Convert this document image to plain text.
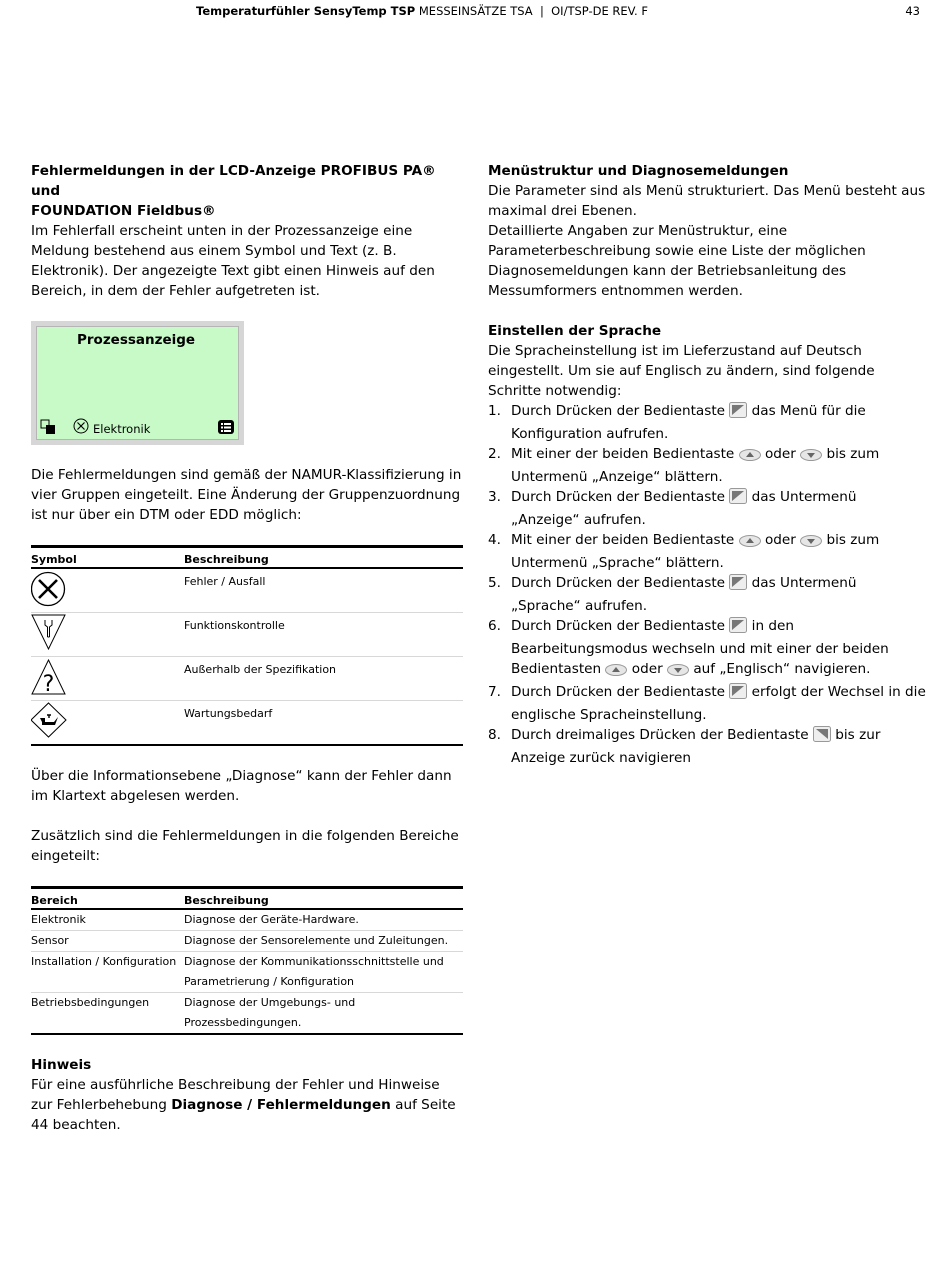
Temperaturfühler SensyTemp TSP MESSEINSÄTZE TSA  |  OI/TSP-DE REV. F	43

Fehlermeldungen in der LCD-Anzeige PROFIBUS PA® und
FOUNDATION Fieldbus®

Im Fehlerfall erscheint unten in der Prozessanzeige eine Meldung bestehend aus einem Symbol und Text (z. B. Elektronik). Der angezeigte Text gibt einen Hinweis auf den Bereich, in dem der Fehler aufgetreten ist.

Prozessanzeige
Elektronik

Die Fehlermeldungen sind gemäß der NAMUR-Klassifizierung in vier Gruppen eingeteilt. Eine Änderung der Gruppenzuordnung ist nur über ein DTM oder EDD möglich:

Symbol	Beschreibung
	Fehler / Ausfall
	Funktionskontrolle

?	Außerhalb der Spezifikation
	Wartungsbedarf

Über die Informationsebene „Diagnose“ kann der Fehler dann im Klartext abgelesen werden.

Zusätzlich sind die Fehlermeldungen in die folgenden Bereiche eingeteilt:

Bereich	Beschreibung
Elektronik	Diagnose der Geräte-Hardware.
Sensor	Diagnose der Sensorelemente und Zuleitungen.
Installation / Konfiguration	Diagnose der Kommunikationsschnittstelle und Parametrierung / Konfiguration
Betriebsbedingungen	Diagnose der Umgebungs- und Prozessbedingungen.

Hinweis

Für eine ausführliche Beschreibung der Fehler und Hinweise zur Fehlerbehebung Diagnose / Fehlermeldungen auf Seite 44 beachten.

Menüstruktur und Diagnosemeldungen

Die Parameter sind als Menü strukturiert. Das Menü besteht aus maximal drei Ebenen.

Detaillierte Angaben zur Menüstruktur, eine Parameterbeschreibung sowie eine Liste der möglichen Diagnosemeldungen kann der Betriebsanleitung des Messumformers entnommen werden.

Einstellen der Sprache

Die Spracheinstellung ist im Lieferzustand auf Deutsch eingestellt. Um sie auf Englisch zu ändern, sind folgende Schritte notwendig:

1. Durch Drücken der Bedientaste  das Menü für die Konfiguration aufrufen.
2. Mit einer der beiden Bedientaste  oder  bis zum Untermenü „Anzeige“ blättern.
3. Durch Drücken der Bedientaste  das Untermenü „Anzeige“ aufrufen.
4. Mit einer der beiden Bedientaste  oder  bis zum Untermenü „Sprache“ blättern.
5. Durch Drücken der Bedientaste  das Untermenü „Sprache“ aufrufen.
6. Durch Drücken der Bedientaste  in den Bearbeitungsmodus wechseln und mit einer der beiden Bedientasten  oder  auf „Englisch“ navigieren.
7. Durch Drücken der Bedientaste  erfolgt der Wechsel in die englische Spracheinstellung.
8. Durch dreimaliges Drücken der Bedientaste  bis zur Anzeige zurück navigieren
